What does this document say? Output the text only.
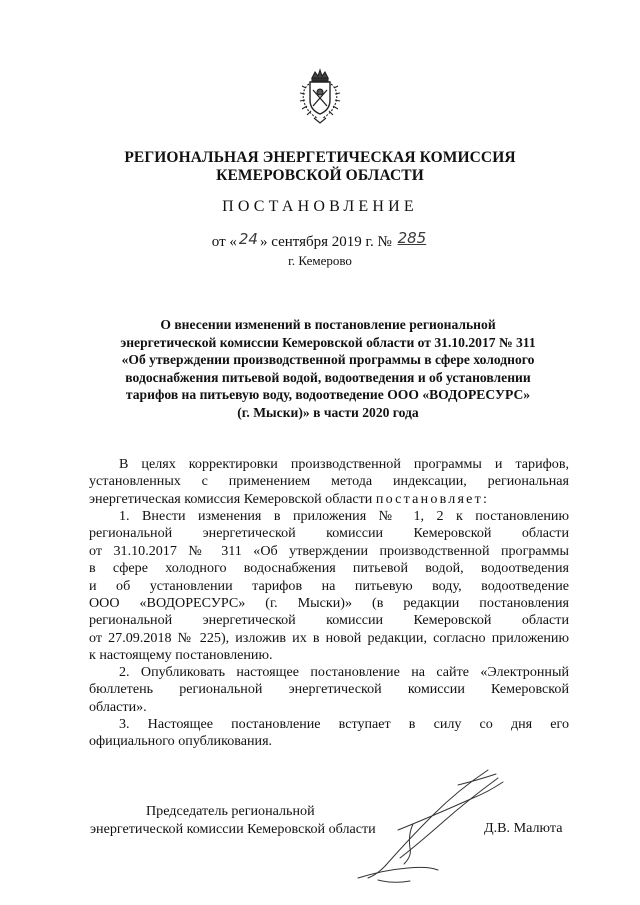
РЕГИОНАЛЬНАЯ ЭНЕРГЕТИЧЕСКАЯ КОМИССИЯ
КЕМЕРОВСКОЙ ОБЛАСТИ
ПОСТАНОВЛЕНИЕ
от « 24 » сентября 2019 г. № 285
г. Кемерово
О внесении изменений в постановление региональной
энергетической комиссии Кемеровской области от 31.10.2017 № 311
«Об утверждении производственной программы в сфере холодного
водоснабжения питьевой водой, водоотведения и об установлении
тарифов на питьевую воду, водоотведение ООО «ВОДОРЕСУРС»
(г. Мыски)» в части 2020 года
В целях корректировки производственной программы и тарифов,
установленных с применением метода индексации, региональная
энергетическая комиссия Кемеровской области постановляет:
1. Внести изменения в приложения № 1, 2 к постановлению
региональной энергетической комиссии Кемеровской области
от 31.10.2017 № 311 «Об утверждении производственной программы
в сфере холодного водоснабжения питьевой водой, водоотведения
и об установлении тарифов на питьевую воду, водоотведение
ООО «ВОДОРЕСУРС» (г. Мыски)» (в редакции постановления
региональной энергетической комиссии Кемеровской области
от 27.09.2018 № 225), изложив их в новой редакции, согласно приложению
к настоящему постановлению.
2. Опубликовать настоящее постановление на сайте «Электронный
бюллетень региональной энергетической комиссии Кемеровской
области».
3. Настоящее постановление вступает в силу со дня его
официального опубликования.
Председатель региональной
энергетической комиссии Кемеровской области	Д.В. Малюта
